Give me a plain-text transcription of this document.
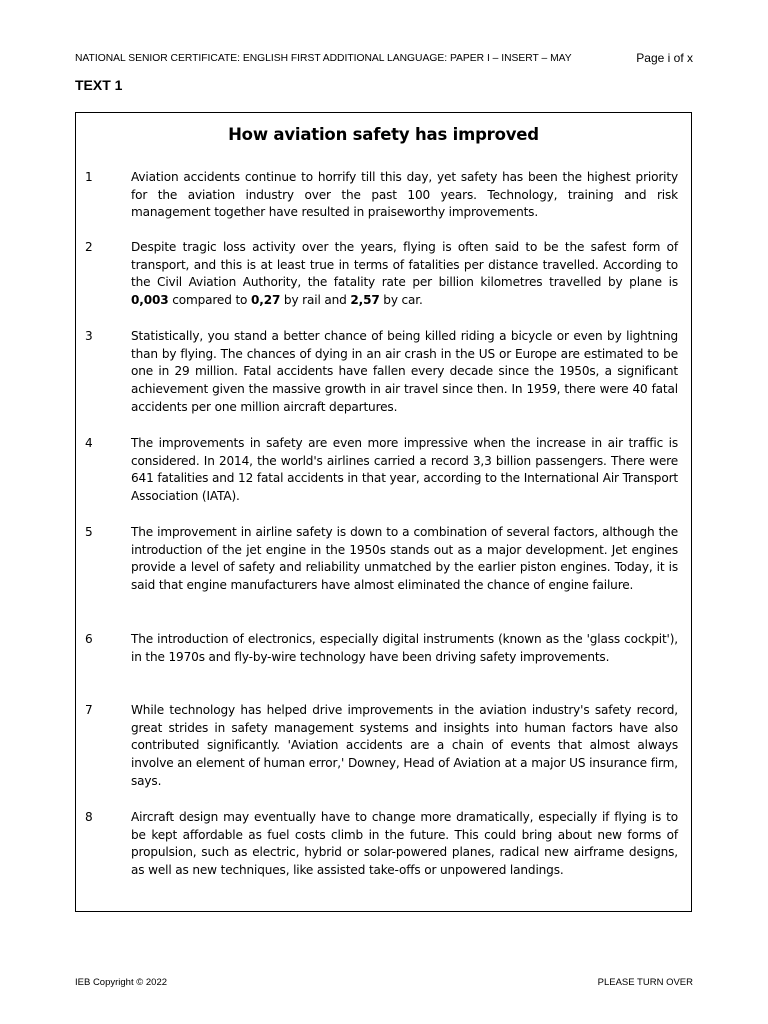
NATIONAL SENIOR CERTIFICATE: ENGLISH FIRST ADDITIONAL LANGUAGE: PAPER I – INSERT – MAY	Page i of x
TEXT 1
How aviation safety has improved
1	Aviation accidents continue to horrify till this day, yet safety has been the highest priority for the aviation industry over the past 100 years. Technology, training and risk management together have resulted in praiseworthy improvements.
2	Despite tragic loss activity over the years, flying is often said to be the safest form of transport, and this is at least true in terms of fatalities per distance travelled. According to the Civil Aviation Authority, the fatality rate per billion kilometres travelled by plane is 0,003 compared to 0,27 by rail and 2,57 by car.
3	Statistically, you stand a better chance of being killed riding a bicycle or even by lightning than by flying. The chances of dying in an air crash in the US or Europe are estimated to be one in 29 million. Fatal accidents have fallen every decade since the 1950s, a significant achievement given the massive growth in air travel since then. In 1959, there were 40 fatal accidents per one million aircraft departures.
4	The improvements in safety are even more impressive when the increase in air traffic is considered. In 2014, the world's airlines carried a record 3,3 billion passengers. There were 641 fatalities and 12 fatal accidents in that year, according to the International Air Transport Association (IATA).
5	The improvement in airline safety is down to a combination of several factors, although the introduction of the jet engine in the 1950s stands out as a major development. Jet engines provide a level of safety and reliability unmatched by the earlier piston engines. Today, it is said that engine manufacturers have almost eliminated the chance of engine failure.
6	The introduction of electronics, especially digital instruments (known as the 'glass cockpit'), in the 1970s and fly-by-wire technology have been driving safety improvements.
7	While technology has helped drive improvements in the aviation industry's safety record, great strides in safety management systems and insights into human factors have also contributed significantly. 'Aviation accidents are a chain of events that almost always involve an element of human error,' Downey, Head of Aviation at a major US insurance firm, says.
8	Aircraft design may eventually have to change more dramatically, especially if flying is to be kept affordable as fuel costs climb in the future. This could bring about new forms of propulsion, such as electric, hybrid or solar-powered planes, radical new airframe designs, as well as new techniques, like assisted take-offs or unpowered landings.
IEB Copyright © 2022	PLEASE TURN OVER
